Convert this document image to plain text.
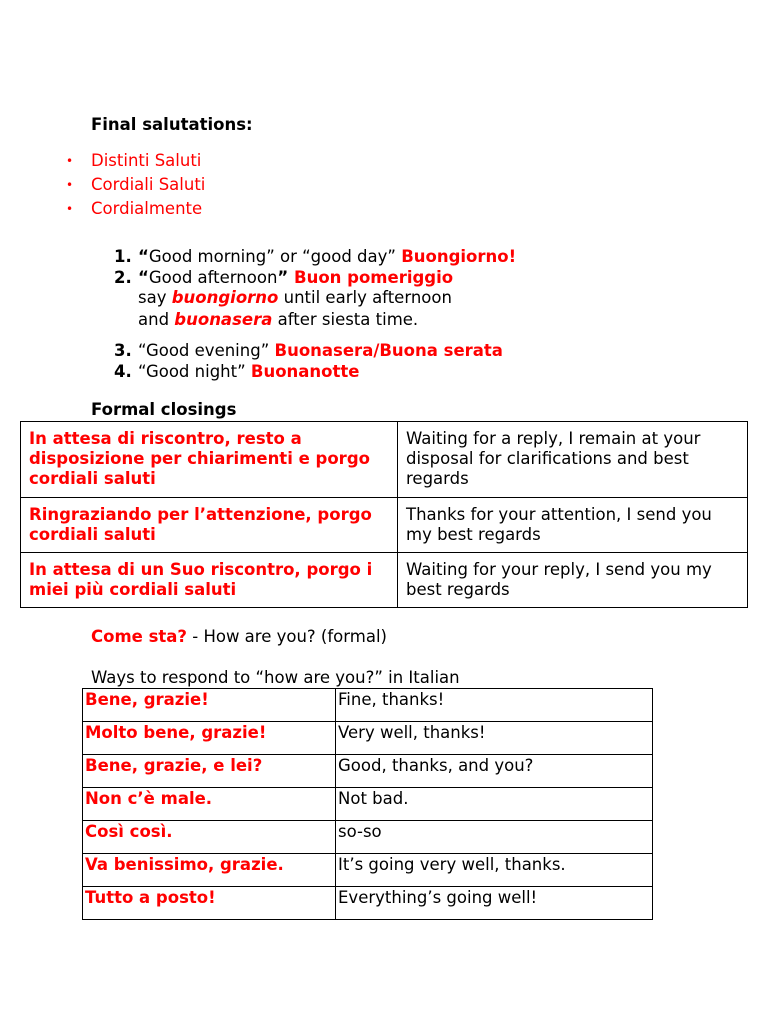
Final salutations:
• Distinti Saluti
• Cordiali Saluti
• Cordialmente
1. “Good morning” or “good day” Buongiorno!
2. “Good afternoon” Buon pomeriggio
say buongiorno until early afternoon
and buonasera after siesta time.
3. “Good evening” Buonasera/Buona serata
4. “Good night” Buonanotte
Formal closings
In attesa di riscontro, resto a disposizione per chiarimenti e porgo cordiali saluti	Waiting for a reply, I remain at your disposal for clarifications and best regards
Ringraziando per l’attenzione, porgo cordiali saluti	Thanks for your attention, I send you my best regards
In attesa di un Suo riscontro, porgo i miei più cordiali saluti	Waiting for your reply, I send you my best regards
Come sta? - How are you? (formal)
Ways to respond to “how are you?” in Italian
Bene, grazie!	Fine, thanks!
Molto bene, grazie!	Very well, thanks!
Bene, grazie, e lei?	Good, thanks, and you?
Non c’è male.	Not bad.
Così così.	so-so
Va benissimo, grazie.	It’s going very well, thanks.
Tutto a posto!	Everything’s going well!
